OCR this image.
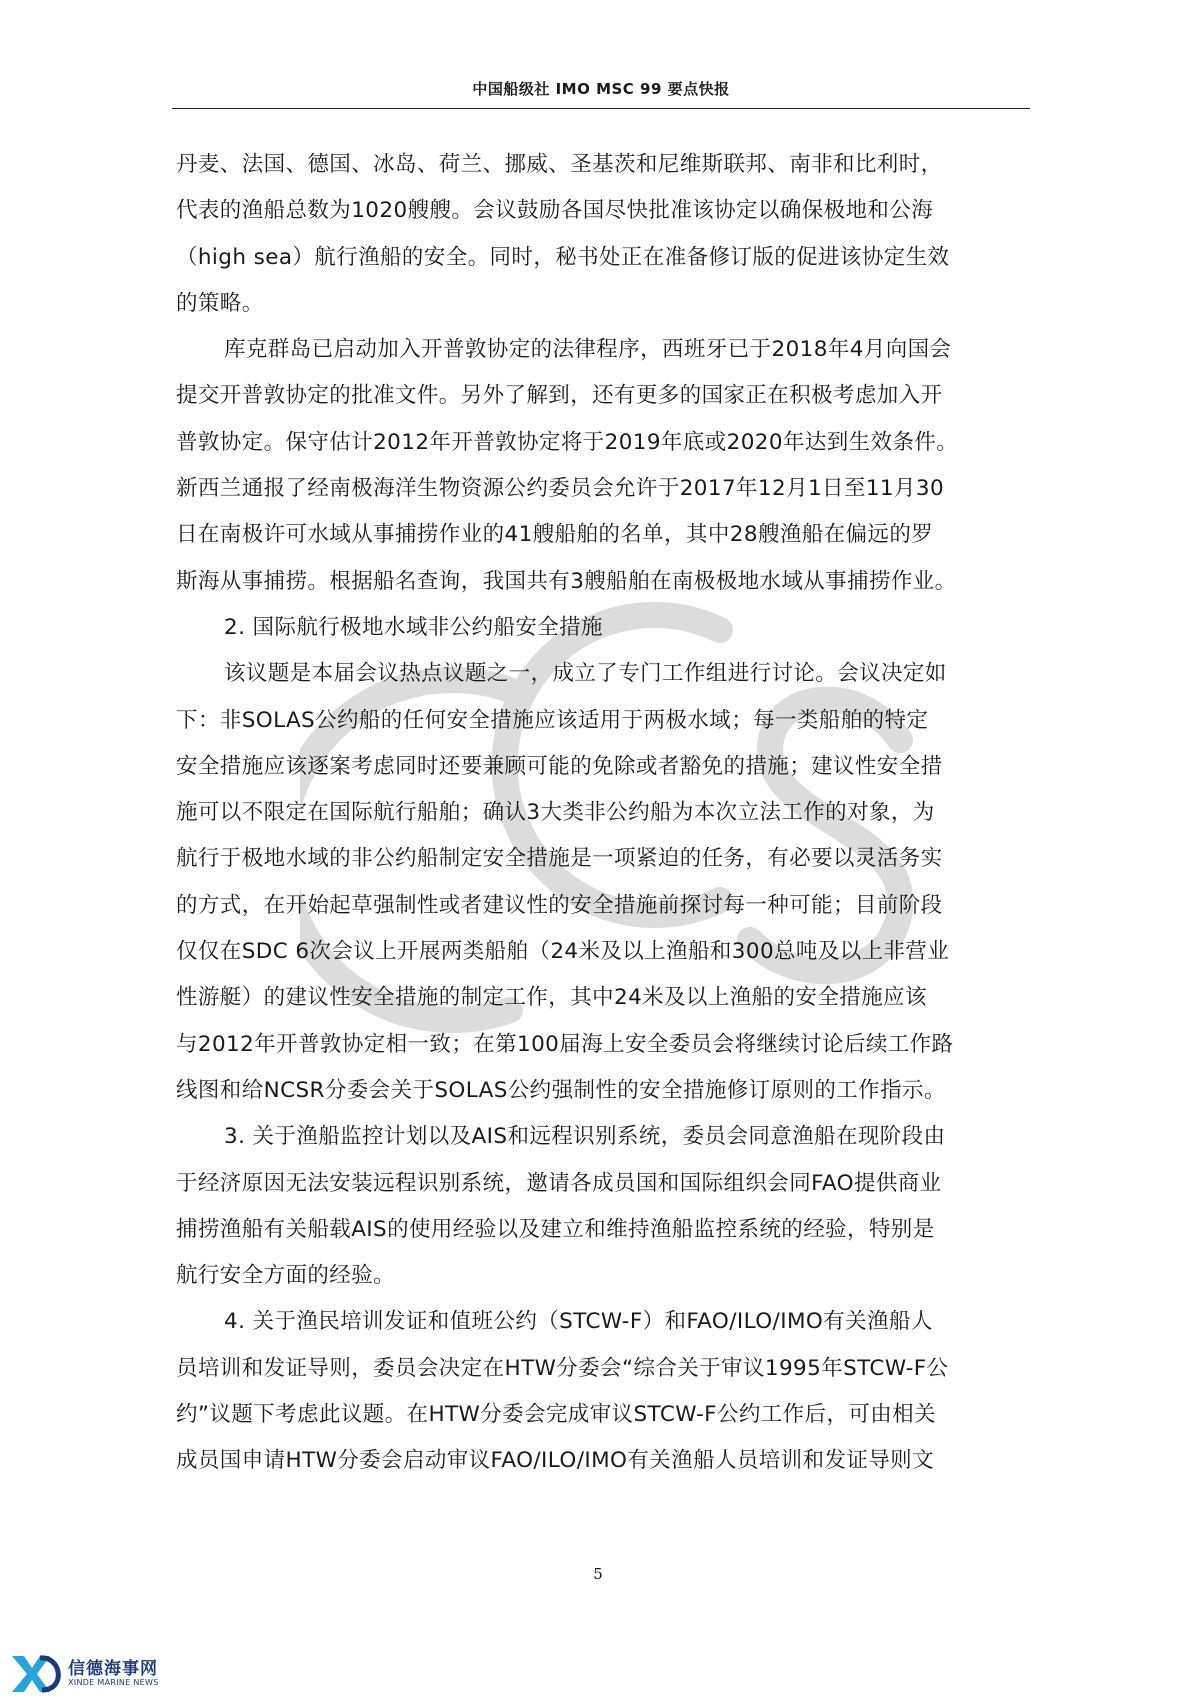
中国船级社 IMO MSC 99 要点快报
丹麦、法国、德国、冰岛、荷兰、挪威、圣基茨和尼维斯联邦、南非和比利时，
代表的渔船总数为1020艘艘。会议鼓励各国尽快批准该协定以确保极地和公海
（high sea）航行渔船的安全。同时，秘书处正在准备修订版的促进该协定生效
的策略。
库克群岛已启动加入开普敦协定的法律程序，西班牙已于2018年4月向国会
提交开普敦协定的批准文件。另外了解到，还有更多的国家正在积极考虑加入开
普敦协定。保守估计2012年开普敦协定将于2019年底或2020年达到生效条件。
新西兰通报了经南极海洋生物资源公约委员会允许于2017年12月1日至11月30
日在南极许可水域从事捕捞作业的41艘船舶的名单，其中28艘渔船在偏远的罗
斯海从事捕捞。根据船名查询，我国共有3艘船舶在南极极地水域从事捕捞作业。
2. 国际航行极地水域非公约船安全措施
该议题是本届会议热点议题之一，成立了专门工作组进行讨论。会议决定如
下：非SOLAS公约船的任何安全措施应该适用于两极水域；每一类船舶的特定
安全措施应该逐案考虑同时还要兼顾可能的免除或者豁免的措施；建议性安全措
施可以不限定在国际航行船舶；确认3大类非公约船为本次立法工作的对象，为
航行于极地水域的非公约船制定安全措施是一项紧迫的任务，有必要以灵活务实
的方式，在开始起草强制性或者建议性的安全措施前探讨每一种可能；目前阶段
仅仅在SDC 6次会议上开展两类船舶（24米及以上渔船和300总吨及以上非营业
性游艇）的建议性安全措施的制定工作，其中24米及以上渔船的安全措施应该
与2012年开普敦协定相一致；在第100届海上安全委员会将继续讨论后续工作路
线图和给NCSR分委会关于SOLAS公约强制性的安全措施修订原则的工作指示。
3. 关于渔船监控计划以及AIS和远程识别系统，委员会同意渔船在现阶段由
于经济原因无法安装远程识别系统，邀请各成员国和国际组织会同FAO提供商业
捕捞渔船有关船载AIS的使用经验以及建立和维持渔船监控系统的经验，特别是
航行安全方面的经验。
4. 关于渔民培训发证和值班公约（STCW-F）和FAO/ILO/IMO有关渔船人
员培训和发证导则，委员会决定在HTW分委会“综合关于审议1995年STCW-F公
约”议题下考虑此议题。在HTW分委会完成审议STCW-F公约工作后，可由相关
成员国申请HTW分委会启动审议FAO/ILO/IMO有关渔船人员培训和发证导则文
5
信德海事网
XINDE MARINE NEWS
